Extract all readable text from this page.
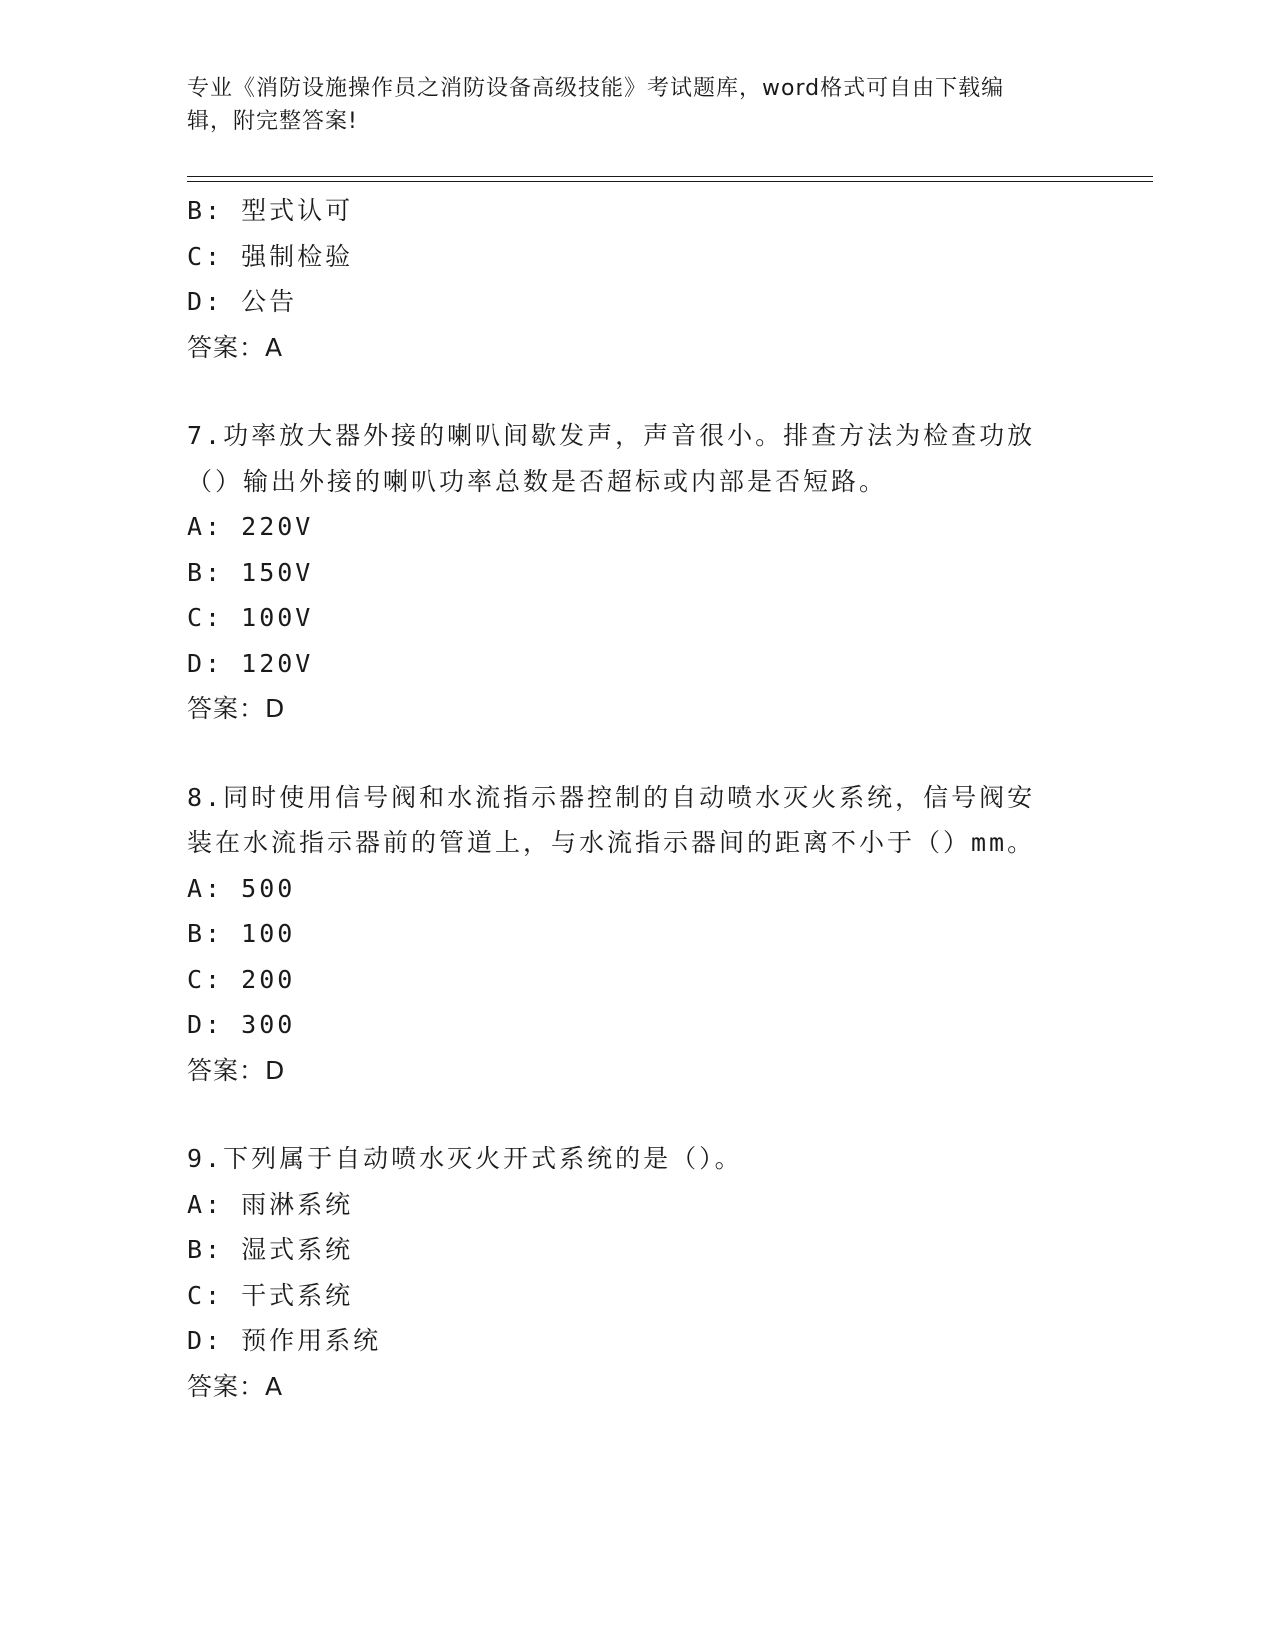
专业《消防设施操作员之消防设备高级技能》考试题库，word格式可自由下载编
辑，附完整答案!
B: 型式认可
C: 强制检验
D: 公告
答案：A
7.功率放大器外接的喇叭间歇发声，声音很小。排查方法为检查功放
（）输出外接的喇叭功率总数是否超标或内部是否短路。
A: 220V
B: 150V
C: 100V
D: 120V
答案：D
8.同时使用信号阀和水流指示器控制的自动喷水灭火系统，信号阀安
装在水流指示器前的管道上，与水流指示器间的距离不小于（）mm。
A: 500
B: 100
C: 200
D: 300
答案：D
9.下列属于自动喷水灭火开式系统的是（）。
A: 雨淋系统
B: 湿式系统
C: 干式系统
D: 预作用系统
答案：A
